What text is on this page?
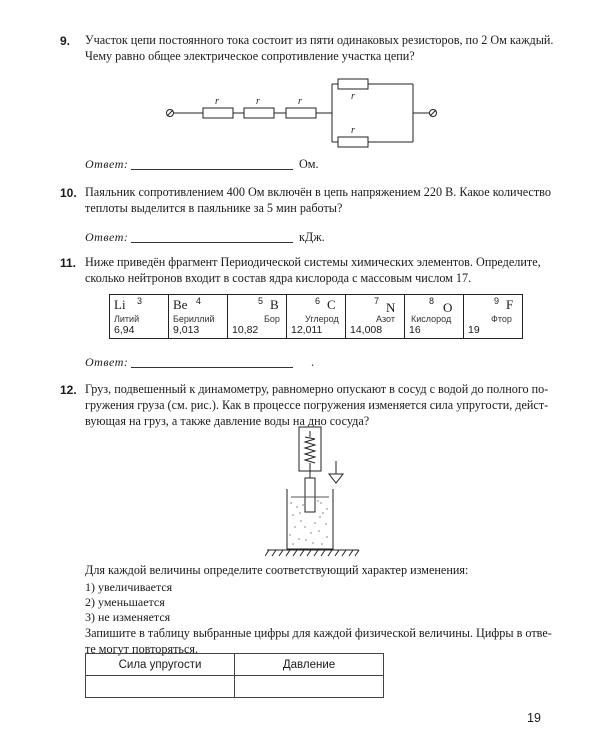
9. Участок цепи постоянного тока состоит из пяти одинаковых резисторов, по 2 Ом каждый.
Чему равно общее электрическое сопротивление участка цепи?
r	r	r	r
r
Ответ:	Ом.
10. Паяльник сопротивлением 400 Ом включён в цепь напряжением 220 В. Какое количество
теплоты выделится в паяльнике за 5 мин работы?
Ответ:	кДж.
11. Ниже приведён фрагмент Периодической системы химических элементов. Определите,
сколько нейтронов входит в состав ядра кислорода с массовым числом 17.
Li 3
Литий
6,94

Be 4
Бериллий
9,013

5 B
Бор
10,82

6 C
Углерод
12,011

7 N
Азот
14,008

8 O
Кислород
16

9 F
Фтор
19
Ответ:	.
12. Груз, подвешенный к динамометру, равномерно опускают в сосуд с водой до полного по-
гружения груза (см. рис.). Как в процессе погружения изменяется сила упругости, дейст-
вующая на груз, а также давление воды на дно сосуда?
Для каждой величины определите соответствующий характер изменения:
1) увеличивается
2) уменьшается
3) не изменяется
Запишите в таблицу выбранные цифры для каждой физической величины. Цифры в отве-
те могут повторяться.
Сила упругости	Давление

19
